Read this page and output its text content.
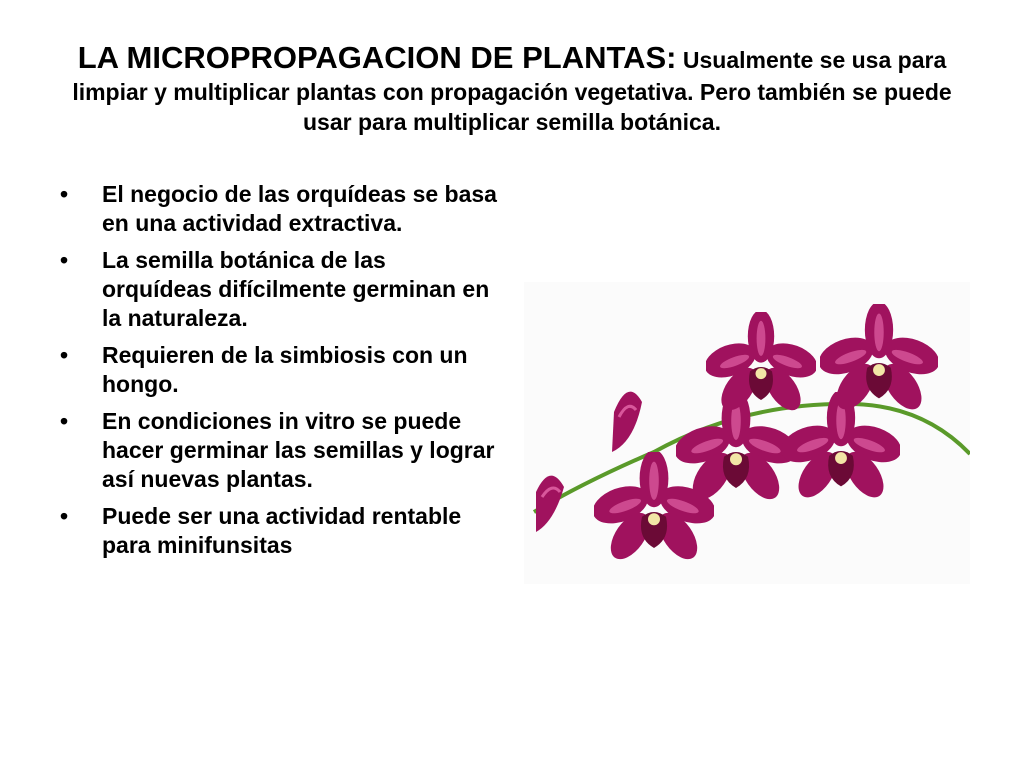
LA MICROPROPAGACION DE PLANTAS: Usualmente se usa para limpiar y multiplicar plantas con propagación vegetativa. Pero también se puede usar para multiplicar semilla botánica.
• El negocio de las orquídeas se basa en una actividad extractiva.
• La semilla botánica de las orquídeas difícilmente germinan en la naturaleza.
• Requieren de la simbiosis con un hongo.
• En condiciones in vitro se puede hacer germinar las semillas y lograr así nuevas plantas.
• Puede ser una actividad rentable para minifunsitas
